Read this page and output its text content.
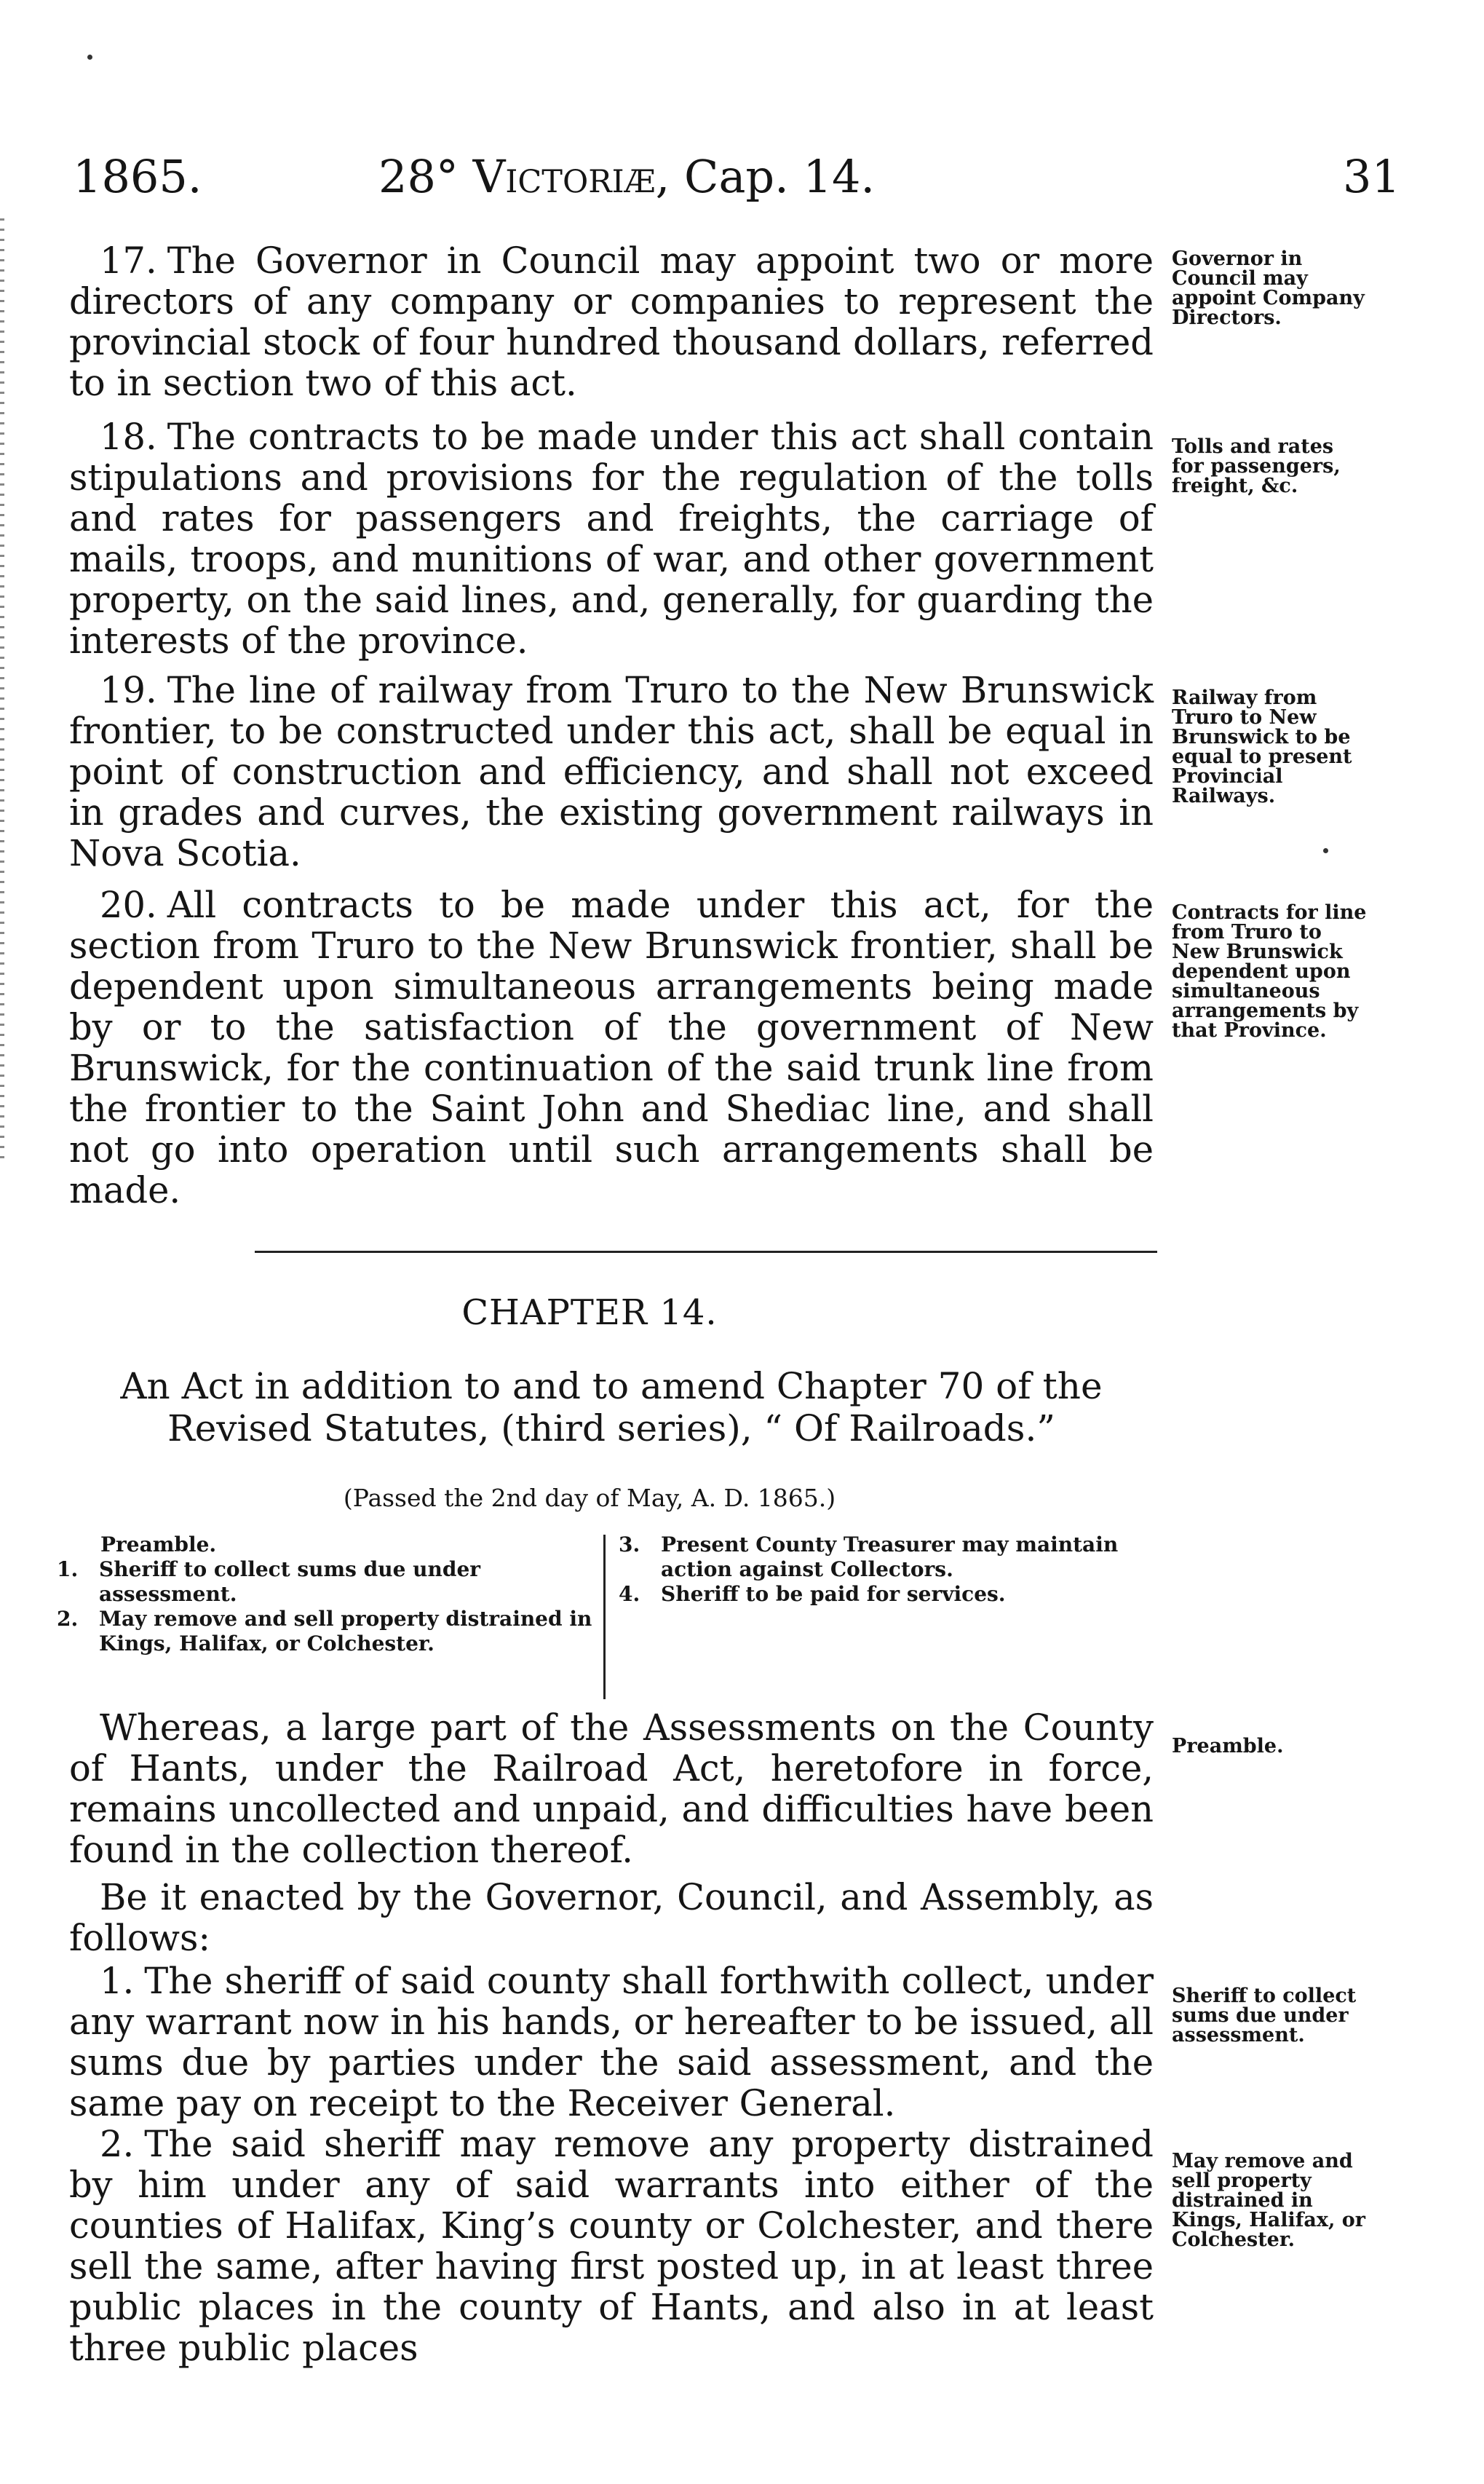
1865.	28° Victoriæ, Cap. 14.	31
17. The Governor in Council may appoint two or more directors of any company or companies to represent the provincial stock of four hundred thousand dollars, referred to in section two of this act.
Governor in Council may appoint Company Directors.
18. The contracts to be made under this act shall contain stipulations and provisions for the regulation of the tolls and rates for passengers and freights, the carriage of mails, troops, and munitions of war, and other government property, on the said lines, and, generally, for guarding the interests of the province.
Tolls and rates for passengers, freight, &c.
19. The line of railway from Truro to the New Brunswick frontier, to be constructed under this act, shall be equal in point of construction and efficiency, and shall not exceed in grades and curves, the existing government railways in Nova Scotia.
Railway from Truro to New Brunswick to be equal to present Provincial Railways.
20. All contracts to be made under this act, for the section from Truro to the New Brunswick frontier, shall be dependent upon simultaneous arrangements being made by or to the satisfaction of the government of New Brunswick, for the continuation of the said trunk line from the frontier to the Saint John and Shediac line, and shall not go into operation until such arrangements shall be made.
Contracts for line from Truro to New Brunswick dependent upon simultaneous arrangements by that Province.
CHAPTER 14.
An Act in addition to and to amend Chapter 70 of the Revised Statutes, (third series), “ Of Railroads.”
(Passed the 2nd day of May, A. D. 1865.)
Preamble.
1. Sheriff to collect sums due under assessment.
2. May remove and sell property distrained in Kings, Halifax, or Colchester.
3. Present County Treasurer may maintain action against Collectors.
4. Sheriff to be paid for services.
Whereas, a large part of the Assessments on the County of Hants, under the Railroad Act, heretofore in force, remains uncollected and unpaid, and difficulties have been found in the collection thereof.
Preamble.
Be it enacted by the Governor, Council, and Assembly, as follows:
1. The sheriff of said county shall forthwith collect, under any warrant now in his hands, or hereafter to be issued, all sums due by parties under the said assessment, and the same pay on receipt to the Receiver General.
Sheriff to collect sums due under assessment.
2. The said sheriff may remove any property distrained by him under any of said warrants into either of the counties of Halifax, King’s county or Colchester, and there sell the same, after having first posted up, in at least three public places in the county of Hants, and also in at least three public places
May remove and sell property distrained in Kings, Halifax, or Colchester.
